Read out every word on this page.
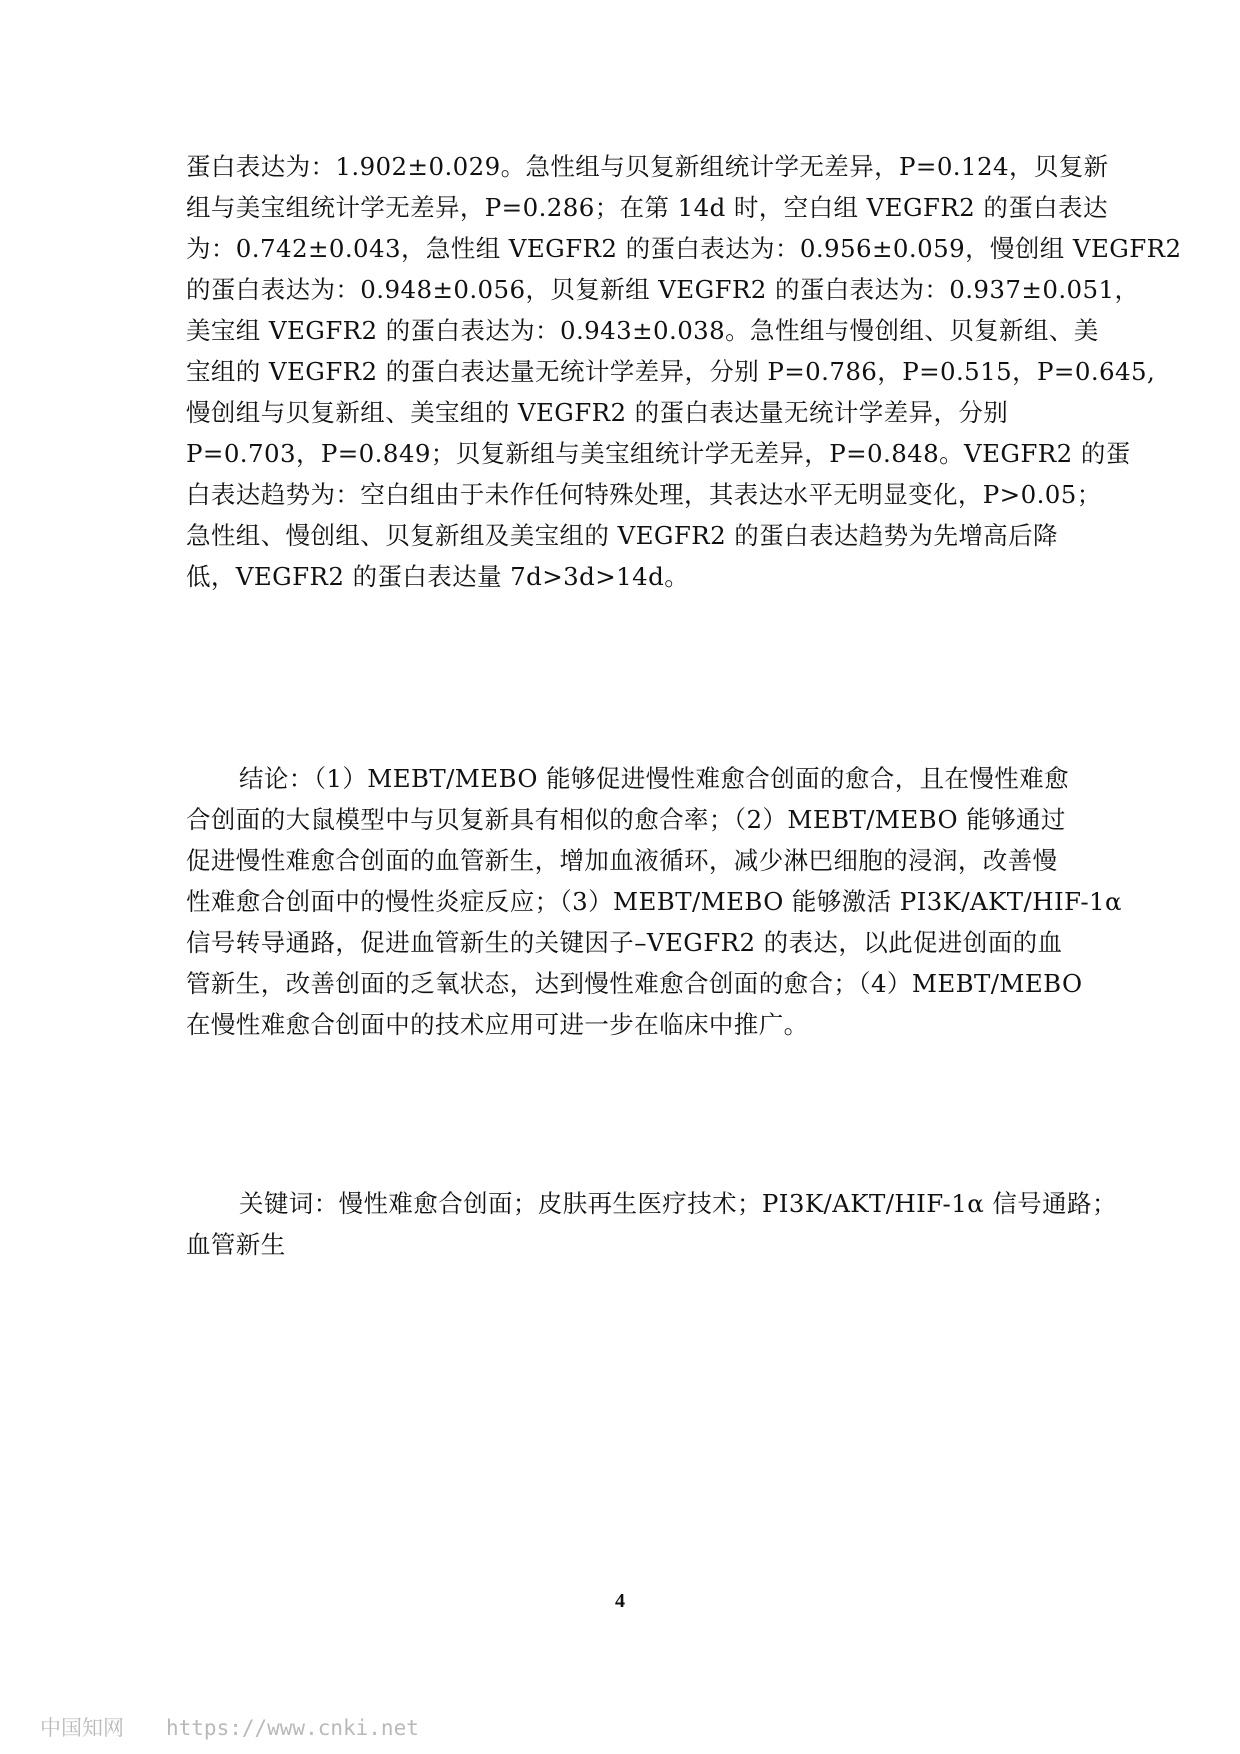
蛋白表达为：1.902±0.029。急性组与贝复新组统计学无差异，P=0.124，贝复新
组与美宝组统计学无差异，P=0.286；在第 14d 时，空白组 VEGFR2 的蛋白表达
为：0.742±0.043，急性组 VEGFR2 的蛋白表达为：0.956±0.059，慢创组 VEGFR2
的蛋白表达为：0.948±0.056，贝复新组 VEGFR2 的蛋白表达为：0.937±0.051，
美宝组 VEGFR2 的蛋白表达为：0.943±0.038。急性组与慢创组、贝复新组、美
宝组的 VEGFR2 的蛋白表达量无统计学差异，分别 P=0.786，P=0.515，P=0.645,
慢创组与贝复新组、美宝组的 VEGFR2 的蛋白表达量无统计学差异，分别
P=0.703，P=0.849；贝复新组与美宝组统计学无差异，P=0.848。VEGFR2 的蛋
白表达趋势为：空白组由于未作任何特殊处理，其表达水平无明显变化，P>0.05；
急性组、慢创组、贝复新组及美宝组的 VEGFR2 的蛋白表达趋势为先增高后降
低，VEGFR2 的蛋白表达量 7d>3d>14d。
结论：（1）MEBT/MEBO 能够促进慢性难愈合创面的愈合，且在慢性难愈
合创面的大鼠模型中与贝复新具有相似的愈合率；（2）MEBT/MEBO 能够通过
促进慢性难愈合创面的血管新生，增加血液循环，减少淋巴细胞的浸润，改善慢
性难愈合创面中的慢性炎症反应；（3）MEBT/MEBO 能够激活 PI3K/AKT/HIF-1α
信号转导通路，促进血管新生的关键因子–VEGFR2 的表达，以此促进创面的血
管新生，改善创面的乏氧状态，达到慢性难愈合创面的愈合；（4）MEBT/MEBO
在慢性难愈合创面中的技术应用可进一步在临床中推广。
关键词：慢性难愈合创面；皮肤再生医疗技术；PI3K/AKT/HIF-1α 信号通路；
血管新生
4
中国知网 https://www.cnki.net
